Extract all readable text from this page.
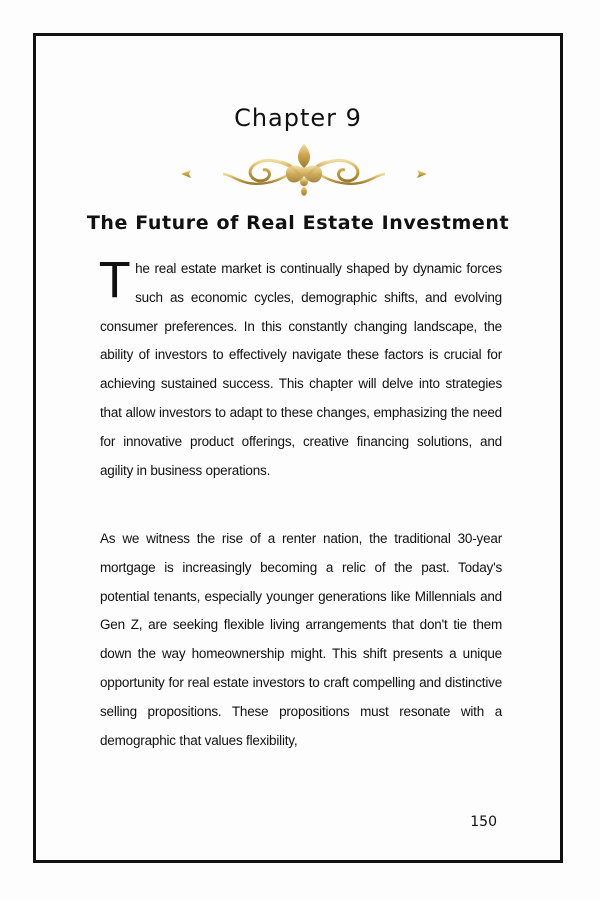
Chapter 9
The Future of Real Estate Investment
The real estate market is continually shaped by dynamic forces such as economic cycles, demographic shifts, and evolving consumer preferences. In this constantly changing landscape, the ability of investors to effectively navigate these factors is crucial for achieving sustained success. This chapter will delve into strategies that allow investors to adapt to these changes, emphasizing the need for innovative product offerings, creative financing solutions, and agility in business operations.
As we witness the rise of a renter nation, the traditional 30-year mortgage is increasingly becoming a relic of the past. Today's potential tenants, especially younger generations like Millennials and Gen Z, are seeking flexible living arrangements that don't tie them down the way homeownership might. This shift presents a unique opportunity for real estate investors to craft compelling and distinctive selling propositions. These propositions must resonate with a demographic that values flexibility,
150
